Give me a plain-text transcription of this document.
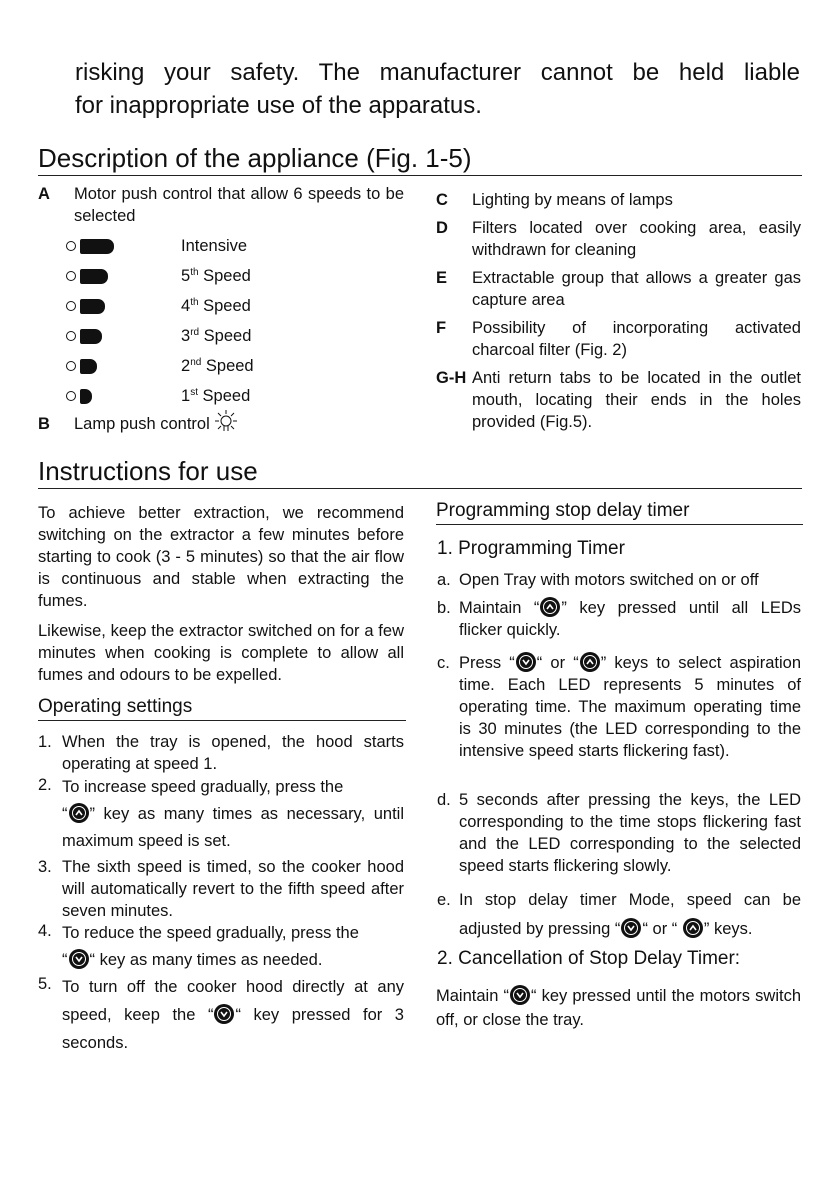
risking your safety. The manufacturer cannot be held liable
for inappropriate use of the apparatus.

Description of the appliance (Fig. 1-5)
A	Motor push control that allow 6 speeds to be selected
Intensive
5th Speed
4th Speed
3rd Speed
2nd Speed
1st Speed
B	Lamp push control
C	Lighting by means of lamps
D	Filters located over cooking area, easily withdrawn for cleaning
E	Extractable group that allows a greater gas capture area
F	Possibility of incorporating activated charcoal filter (Fig. 2)
G-H Anti return tabs to be located in the outlet mouth, locating their ends in the holes provided (Fig.5).
Instructions for use

To achieve better extraction, we recommend switching on the extractor a few minutes before starting to cook (3 - 5 minutes) so that the air flow is continuous and stable when extracting the fumes.

Likewise, keep the extractor switched on for a few minutes when cooking is complete to allow all fumes and odours to be expelled.

Operating settings
1. When the tray is opened, the hood starts operating at speed 1.
2. To increase speed gradually, press the
“ ” key as many times as necessary, until maximum speed is set.
3. The sixth speed is timed, so the cooker hood will automatically revert to the fifth speed after seven minutes.
4. To reduce the speed gradually, press the
“ “ key as many times as needed.
5. To turn off the cooker hood directly at any speed, keep the “ “ key pressed for 3 seconds.
Programming stop delay timer
1. Programming Timer
a. Open Tray with motors switched on or off
b. Maintain “ ” key pressed until all LEDs flicker quickly.
c. Press “ “ or “ ” keys to select aspiration time. Each LED represents 5 minutes of operating time. The maximum operating time is 30 minutes (the LED corresponding to the intensive speed starts flickering fast).
d. 5 seconds after pressing the keys, the LED corresponding to the time stops flickering fast and the LED corresponding to the selected speed starts flickering slowly.
e. In stop delay timer Mode, speed can be adjusted by pressing “ “ or “
” keys.
2. Cancellation of Stop Delay Timer:

Maintain “ “ key pressed until the motors switch off, or close the tray.
